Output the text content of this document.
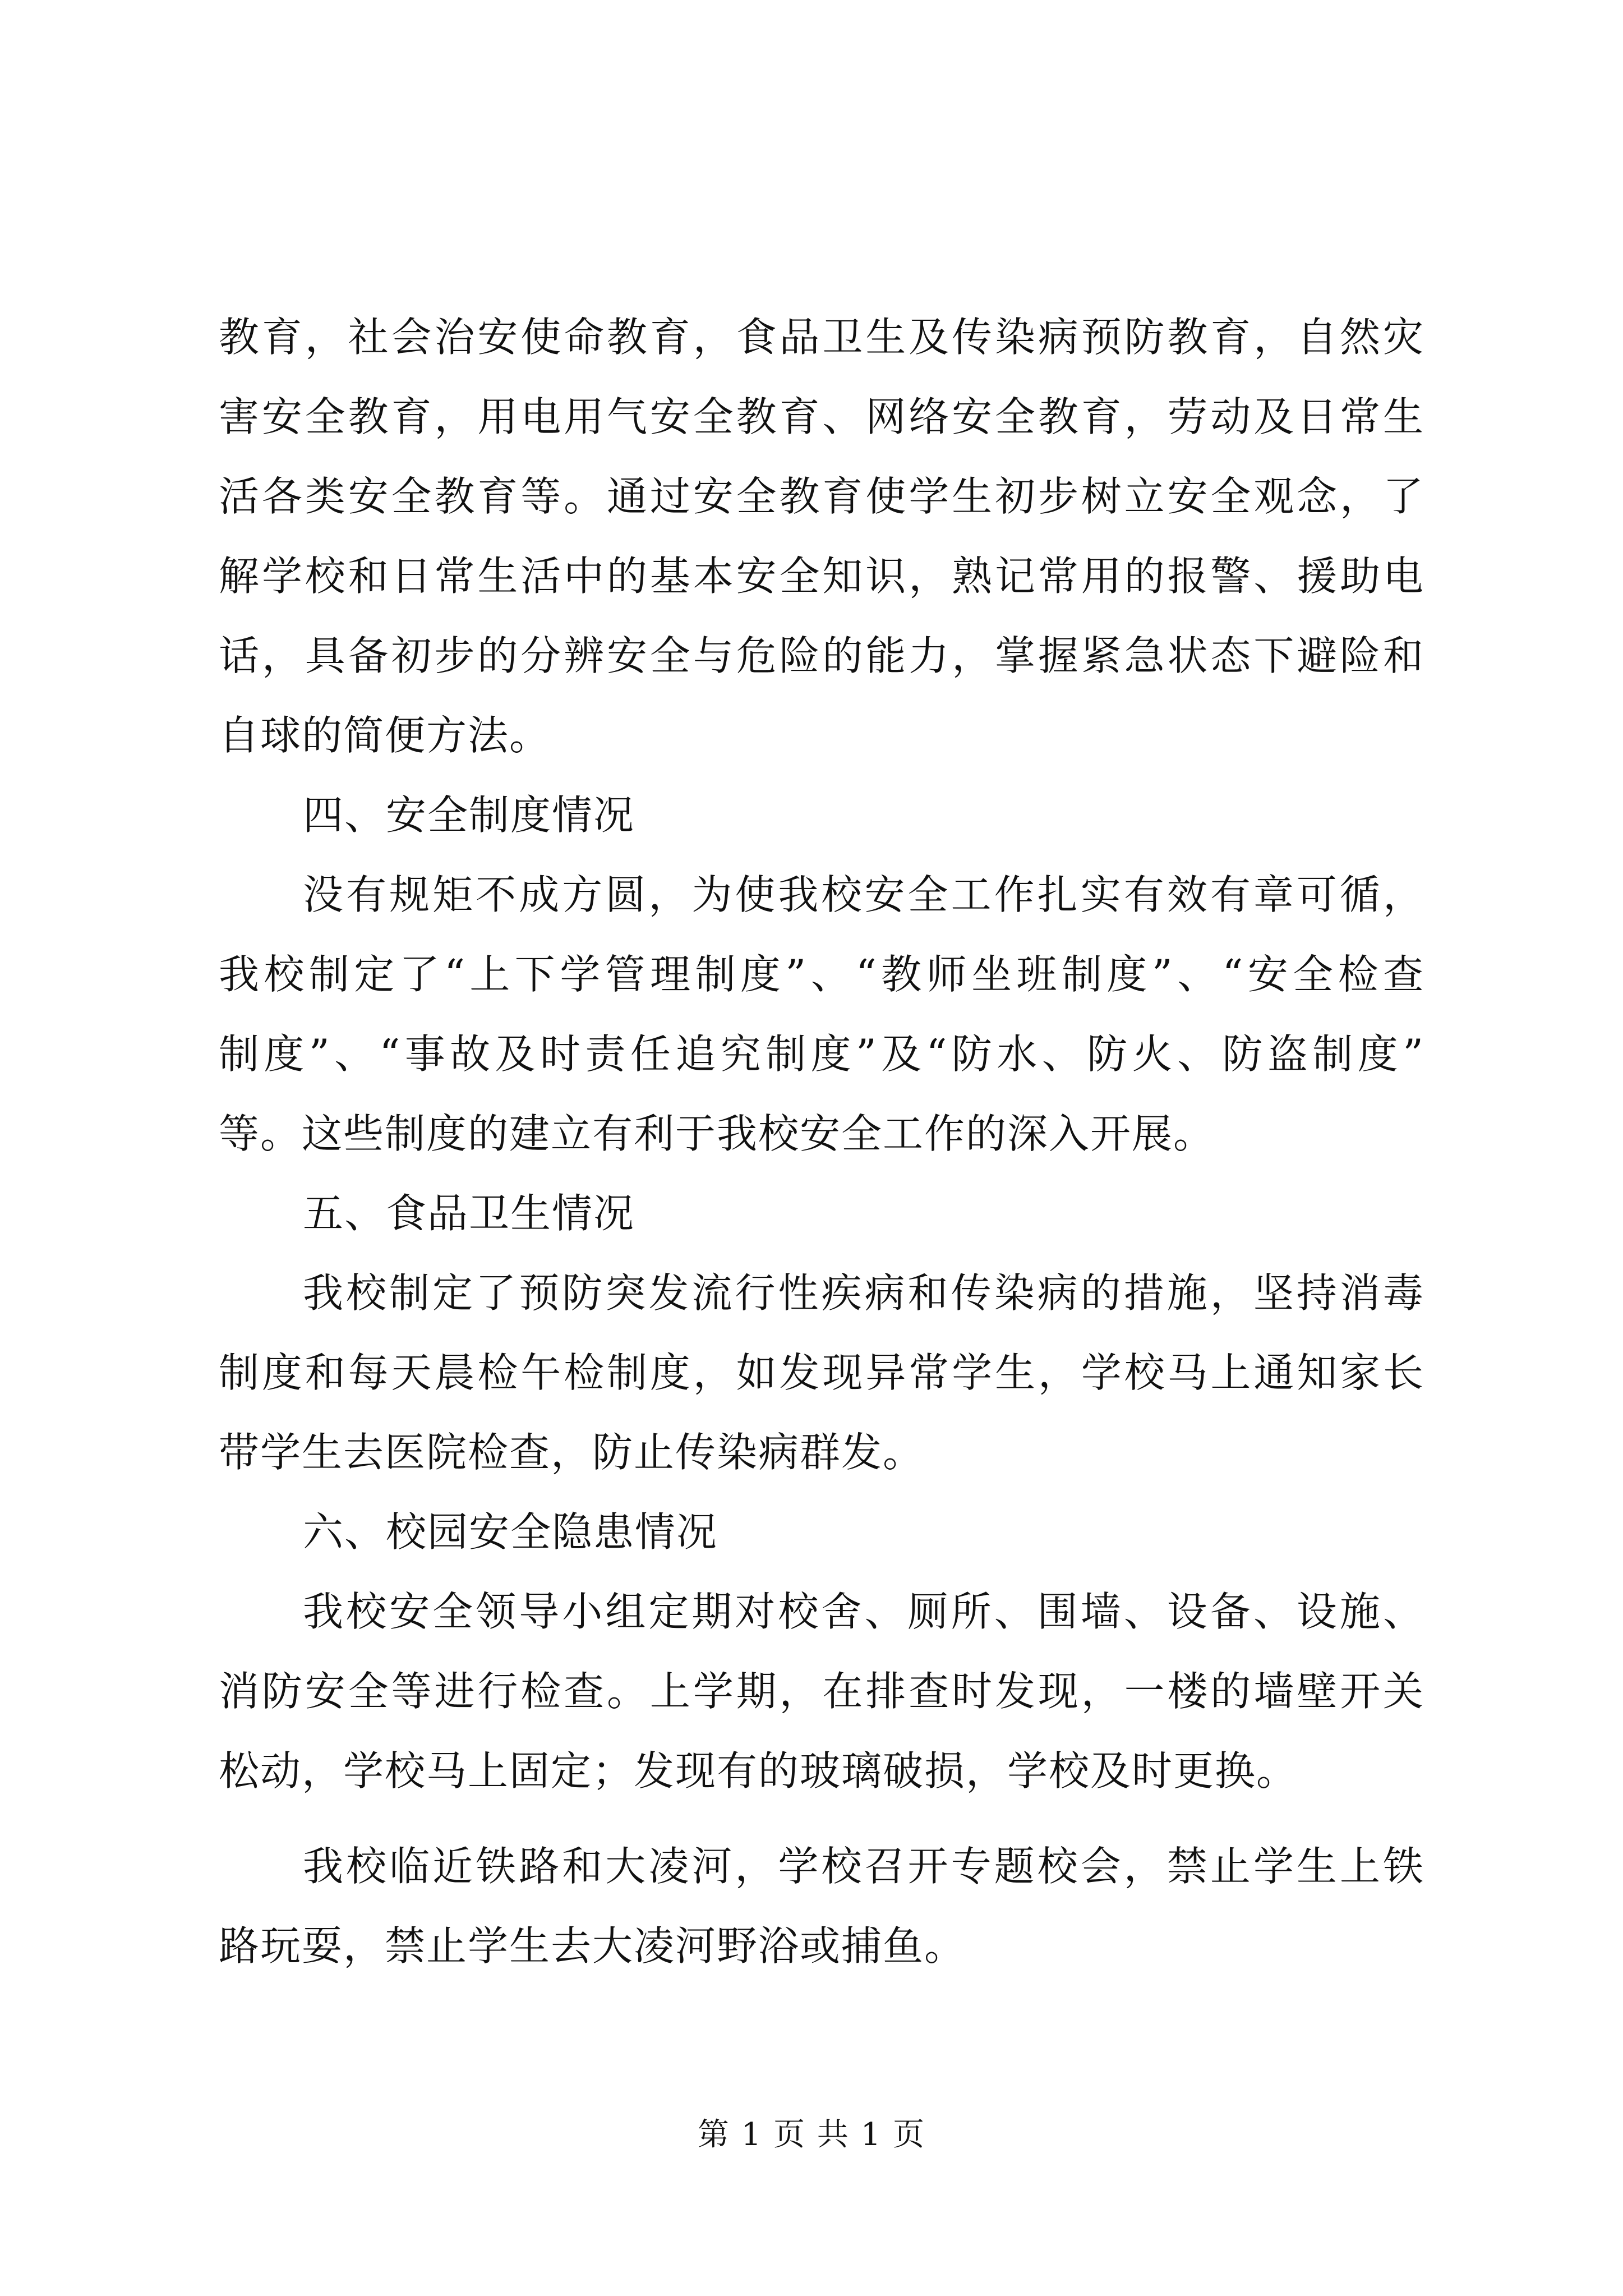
教育，社会治安使命教育，食品卫生及传染病预防教育，自然灾
害安全教育，用电用气安全教育、网络安全教育，劳动及日常生
活各类安全教育等。通过安全教育使学生初步树立安全观念，了
解学校和日常生活中的基本安全知识，熟记常用的报警、援助电
话，具备初步的分辨安全与危险的能力，掌握紧急状态下避险和
自球的简便方法。
四、安全制度情况
没有规矩不成方圆，为使我校安全工作扎实有效有章可循，
我校制定了“上下学管理制度”、“教师坐班制度”、“安全检查
制度”、“事故及时责任追究制度”及“防水、防火、防盗制度”
等。这些制度的建立有利于我校安全工作的深入开展。
五、食品卫生情况
我校制定了预防突发流行性疾病和传染病的措施，坚持消毒
制度和每天晨检午检制度，如发现异常学生，学校马上通知家长
带学生去医院检查，防止传染病群发。
六、校园安全隐患情况
我校安全领导小组定期对校舍、厕所、围墙、设备、设施、
消防安全等进行检查。上学期，在排查时发现，一楼的墙壁开关
松动，学校马上固定；发现有的玻璃破损，学校及时更换。
我校临近铁路和大凌河，学校召开专题校会，禁止学生上铁
路玩耍，禁止学生去大凌河野浴或捕鱼。
第 1 页 共 1 页
